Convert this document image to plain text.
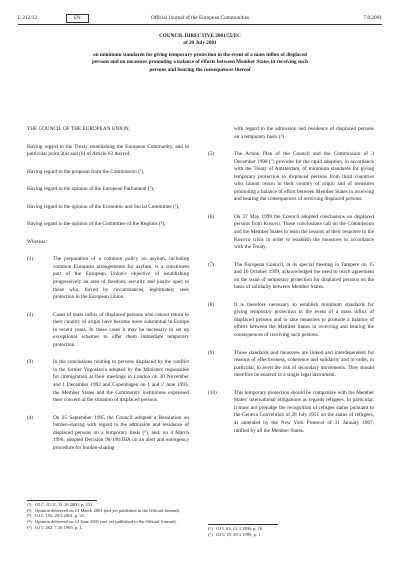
L 212/12	EN	Official Journal of the European Communities	7.8.2001
COUNCIL DIRECTIVE 2001/55/EC
of 20 July 2001
on minimum standards for giving temporary protection in the event of a mass influx of displaced
persons and on measures promoting a balance of efforts between Member States in receiving such
persons and bearing the consequences thereof

THE COUNCIL OF THE EUROPEAN UNION,

Having regard to the Treaty establishing the European Community, and in particular point 2(a) and (b) of Article 63 thereof,

Having regard to the proposal from the Commission (¹),

Having regard to the opinion of the European Parliament (²),

Having regard to the opinion of the Economic and Social Committee (³),

Having regard to the opinion of the Committee of the Regions (⁴),

Whereas:

(1)	The preparation of a common policy on asylum, including common European arrangements for asylum, is a constituent part of the European Union's objective of establishing progressively an area of freedom, security and justice open to those who, forced by circumstances, legitimately seek protection in the European Union.
(2)	Cases of mass influx of displaced persons who cannot return to their country of origin have become more substantial in Europe in recent years. In these cases it may be necessary to set up exceptional schemes to offer them immediate temporary protection.
(3)	In the conclusions relating to persons displaced by the conflict in the former Yugoslavia adopted by the Ministers responsible for immigration at their meetings in London on 30 November and 1 December 1992 and Copenhagen on 1 and 2 June 1993, the Member States and the Community institutions expressed their concern at the situation of displaced persons.
(4)	On 25 September 1995 the Council adopted a Resolution on burden-sharing with regard to the admission and residence of displaced persons on a temporary basis (⁵), and, on 4 March 1996, adopted Decision 96/198/JHA on an alert and emergency procedure for burden-sharing
(¹) OJ C 311 E, 31.10.2000, p. 251.
(²) Opinion delivered on 13 March 2001 (not yet published in the Official Journal).
(³) OJ C 155, 29.5.2001, p. 21.
(⁴) Opinion delivered on 13 June 2001 (not yet published in the Official Journal).
(⁵) OJ C 262, 7.10.1995, p. 1.

with regard to the admission and residence of displaced persons on a temporary basis (⁶).

(5)	The Action Plan of the Council and the Commission of 3 December 1998 (⁷) provides for the rapid adoption, in accordance with the Treaty of Amsterdam, of minimum standards for giving temporary protection to displaced persons from third countries who cannot return to their country of origin and of measures promoting a balance of effort between Member States in receiving and bearing the consequences of receiving displaced persons.
(6)	On 27 May 1999 the Council adopted conclusions on displaced persons from Kosovo. These conclusions call on the Commission and the Member States to learn the lessons of their response to the Kosovo crisis in order to establish the measures in accordance with the Treaty.
(7)	The European Council, at its special meeting in Tampere on 15 and 16 October 1999, acknowledged the need to reach agreement on the issue of temporary protection for displaced persons on the basis of solidarity between Member States.
(8)	It is therefore necessary to establish minimum standards for giving temporary protection in the event of a mass influx of displaced persons and to take measures to promote a balance of efforts between the Member States in receiving and bearing the consequences of receiving such persons.
(9)	Those standards and measures are linked and interdependent for reasons of effectiveness, coherence and solidarity and in order, in particular, to avert the risk of secondary movements. They should therefore be enacted in a single legal instrument.
(10)	This temporary protection should be compatible with the Member States' international obligations as regards refugees. In particular, it must not prejudge the recognition of refugee status pursuant to the Geneva Convention of 28 July 1951 on the status of refugees, as amended by the New York Protocol of 31 January 1967, ratified by all the Member States.
(⁶) OJ L 63, 13.3.1996, p. 10.
(⁷) OJ C 19, 20.1.1999, p. 1.
